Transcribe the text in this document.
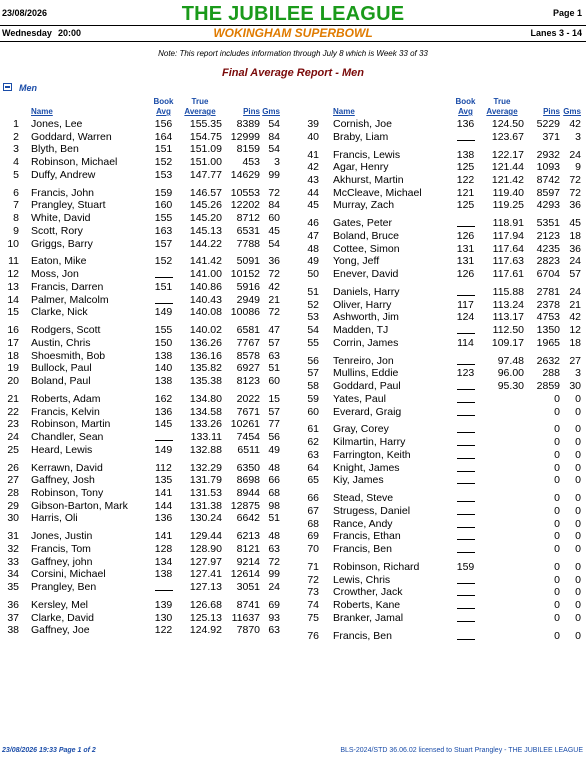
23/08/2026
Wednesday 20:00
THE JUBILEE LEAGUE	Page 1
Lanes 3 - 14
WOKINGHAM SUPERBOWL
Note: This report includes information through July 8 which is Week 33 of 33
Final Average Report - Men
Men
Book
Avg
True
Average
Name	Pins Gms
Book
Avg
True
Average
Name	Pins Gms
1 Jones, Lee	156	155.35	8389 54
2 Goddard, Warren	164	154.75 12999 84
3 Blyth, Ben	151	151.09	8159 54
4 Robinson, Michael	152	151.00	453	3
5 Duffy, Andrew	153	147.77 14629 99
6 Francis, John	159	146.57 10553 72
7 Prangley, Stuart	160	145.26 12202 84
8 White, David	155	145.20	8712 60
9 Scott, Rory	163	145.13	6531 45
10 Griggs, Barry	157	144.22	7788 54
11 Eaton, Mike	152	141.42	5091 36
12 Moss, Jon	141.00 10152 72
13 Francis, Darren	151	140.86	5916 42
14 Palmer, Malcolm	140.43	2949 21
15 Clarke, Nick	149	140.08 10086 72
16 Rodgers, Scott	155	140.02	6581 47
17 Austin, Chris	150	136.26	7767 57
18 Shoesmith, Bob	138	136.16	8578 63
19 Bullock, Paul	140	135.82	6927 51
20 Boland, Paul	138	135.38	8123 60
21 Roberts, Adam	162	134.80	2022 15
22 Francis, Kelvin	136	134.58	7671 57
23 Robinson, Martin	145	133.26 10261 77
24 Chandler, Sean	133.11	7454 56
25 Heard, Lewis	149	132.88	6511 49
26 Kerrawn, David	112	132.29	6350 48
27 Gaffney, Josh	135	131.79	8698 66
28 Robinson, Tony	141	131.53	8944 68
29 Gibson-Barton, Mark	144	131.38 12875 98
30 Harris, Oli	136	130.24	6642 51
31 Jones, Justin	141	129.44	6213 48
32 Francis, Tom	128	128.90	8121 63
33 Gaffney, john	134	127.97	9214 72
34 Corsini, Michael	138	127.41 12614 99
35 Prangley, Ben	127.13	3051 24
36 Kersley, Mel	139	126.68	8741 69
37 Clarke, David	130	125.13 11637 93
38 Gaffney, Joe	122	124.92	7870 63
39 Cornish, Joe	136	124.50	5229 42
40 Braby, Liam	123.67	371	3
41 Francis, Lewis	138	122.17	2932 24
42 Agar, Henry	125	121.44	1093	9
43 Akhurst, Martin	122	121.42	8742 72
44 McCleave, Michael	121	119.40	8597 72
45 Murray, Zach	125	119.25	4293 36
46 Gates, Peter	118.91	5351 45
47 Boland, Bruce	126	117.94	2123 18
48 Cottee, Simon	131	117.64	4235 36
49 Yong, Jeff	131	117.63	2823 24
50 Enever, David	126	117.61	6704 57
51 Daniels, Harry	115.88	2781 24
52 Oliver, Harry	117	113.24	2378 21
53 Ashworth, Jim	124	113.17	4753 42
54 Madden, TJ	112.50	1350 12
55 Corrin, James	114	109.17	1965 18
56 Tenreiro, Jon	97.48	2632 27
57 Mullins, Eddie	123	96.00	288	3
58 Goddard, Paul	95.30	2859 30
59 Yates, Paul	0	0
60 Everard, Graig	0	0
61 Gray, Corey	0	0
62 Kilmartin, Harry	0	0
63 Farrington, Keith	0	0
64 Knight, James	0	0
65 Kiy, James	0	0
66 Stead, Steve	0	0
67 Strugess, Daniel	0	0
68 Rance, Andy	0	0
69 Francis, Ethan	0	0
70 Francis, Ben	0	0
71 Robinson, Richard	159	0	0
72 Lewis, Chris	0	0
73 Crowther, Jack	0	0
74 Roberts, Kane	0	0
75 Branker, Jamal	0	0
76 Francis, Ben	0	0
23/08/2026 19:33 Page 1 of 2	BLS-2024/STD 36.06.02 licensed to Stuart Prangley - THE JUBILEE LEAGUE
